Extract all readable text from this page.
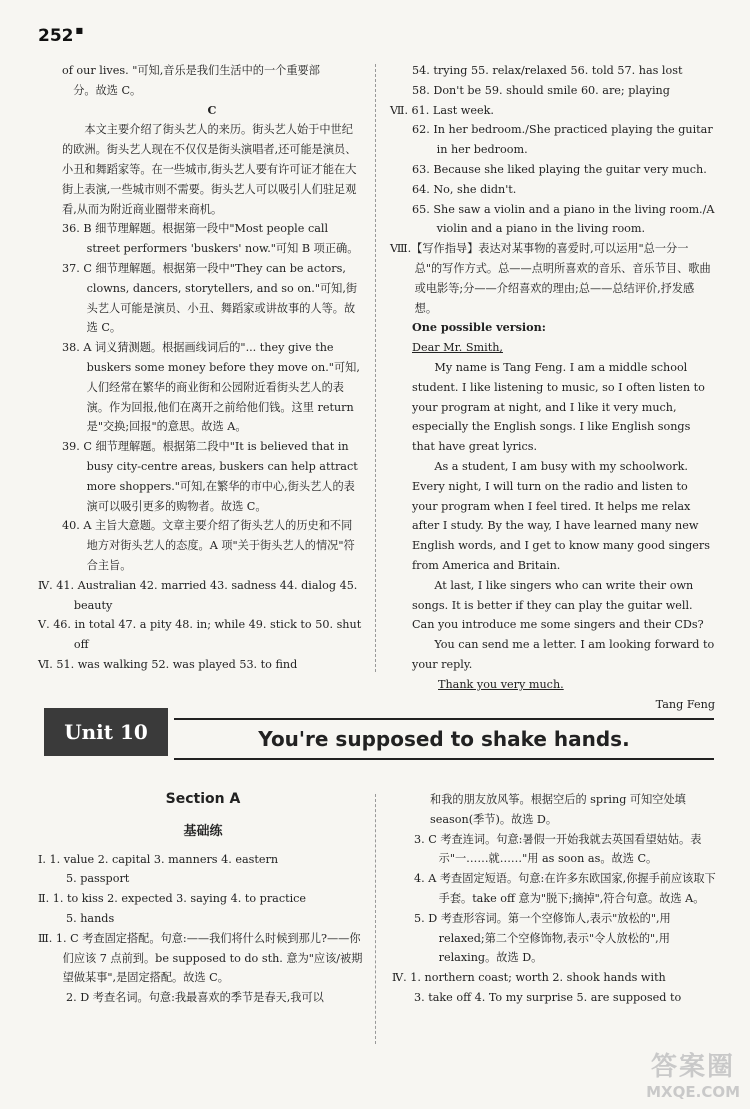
252 ■

of our lives. "可知,音乐是我们生活中的一个重要部

分。故选 C。

C

本文主要介绍了街头艺人的来历。街头艺人始于中世纪的欧洲。街头艺人现在不仅仅是街头演唱者,还可能是演员、小丑和舞蹈家等。在一些城市,街头艺人要有许可证才能在大街上表演,一些城市则不需要。街头艺人可以吸引人们驻足观看,从而为附近商业圈带来商机。

36. B 细节理解题。根据第一段中"Most people call street performers 'buskers' now."可知 B 项正确。

37. C 细节理解题。根据第一段中"They can be actors, clowns, dancers, storytellers, and so on."可知,街头艺人可能是演员、小丑、舞蹈家或讲故事的人等。故选 C。

38. A 词义猜测题。根据画线词后的"... they give the buskers some money before they move on."可知,人们经常在繁华的商业街和公园附近看街头艺人的表演。作为回报,他们在离开之前给他们钱。这里 return 是"交换;回报"的意思。故选 A。

39. C 细节理解题。根据第二段中"It is believed that in busy city-centre areas, buskers can help attract more shoppers."可知,在繁华的市中心,街头艺人的表演可以吸引更多的购物者。故选 C。

40. A 主旨大意题。文章主要介绍了街头艺人的历史和不同地方对街头艺人的态度。A 项"关于街头艺人的情况"符合主旨。

Ⅳ. 41. Australian 42. married 43. sadness 44. dialog 45. beauty

Ⅴ. 46. in total 47. a pity 48. in; while 49. stick to 50. shut off

Ⅵ. 51. was walking 52. was played 53. to find

54. trying 55. relax/relaxed 56. told 57. has lost

58. Don't be 59. should smile 60. are; playing

Ⅶ. 61. Last week.

62. In her bedroom./She practiced playing the guitar in her bedroom.

63. Because she liked playing the guitar very much.

64. No, she didn't.

65. She saw a violin and a piano in the living room./A violin and a piano in the living room.

Ⅷ.【写作指导】表达对某事物的喜爱时,可以运用"总一分一总"的写作方式。总——点明所喜欢的音乐、音乐节目、歌曲或电影等;分——介绍喜欢的理由;总——总结评价,抒发感想。

One possible version:

Dear Mr. Smith,

My name is Tang Feng. I am a middle school student. I like listening to music, so I often listen to your program at night, and I like it very much, especially the English songs. I like English songs that have great lyrics.

As a student, I am busy with my schoolwork. Every night, I will turn on the radio and listen to your program when I feel tired. It helps me relax after I study. By the way, I have learned many new English words, and I get to know many good singers from America and Britain.

At last, I like singers who can write their own songs. It is better if they can play the guitar well. Can you introduce me some singers and their CDs?

You can send me a letter. I am looking forward to your reply.

Thank you very much.

Tang Feng

Unit 10	You're supposed to shake hands.

Section A

基础练

Ⅰ. 1. value 2. capital 3. manners 4. eastern

5. passport

Ⅱ. 1. to kiss 2. expected 3. saying 4. to practice

5. hands

Ⅲ. 1. C 考查固定搭配。句意:——我们将什么时候到那儿?——你们应该 7 点前到。be supposed to do sth. 意为"应该/被期望做某事",是固定搭配。故选 C。

2. D 考查名词。句意:我最喜欢的季节是春天,我可以

和我的朋友放风筝。根据空后的 spring 可知空处填 season(季节)。故选 D。

3. C 考查连词。句意:暑假一开始我就去英国看望姑姑。表示"一……就……"用 as soon as。故选 C。

4. A 考查固定短语。句意:在许多东欧国家,你握手前应该取下手套。take off 意为"脱下;摘掉",符合句意。故选 A。

5. D 考查形容词。第一个空修饰人,表示"放松的",用 relaxed;第二个空修饰物,表示"令人放松的",用 relaxing。故选 D。

Ⅳ. 1. northern coast; worth 2. shook hands with

3. take off 4. To my surprise 5. are supposed to

答案圈
MXQE.COM
